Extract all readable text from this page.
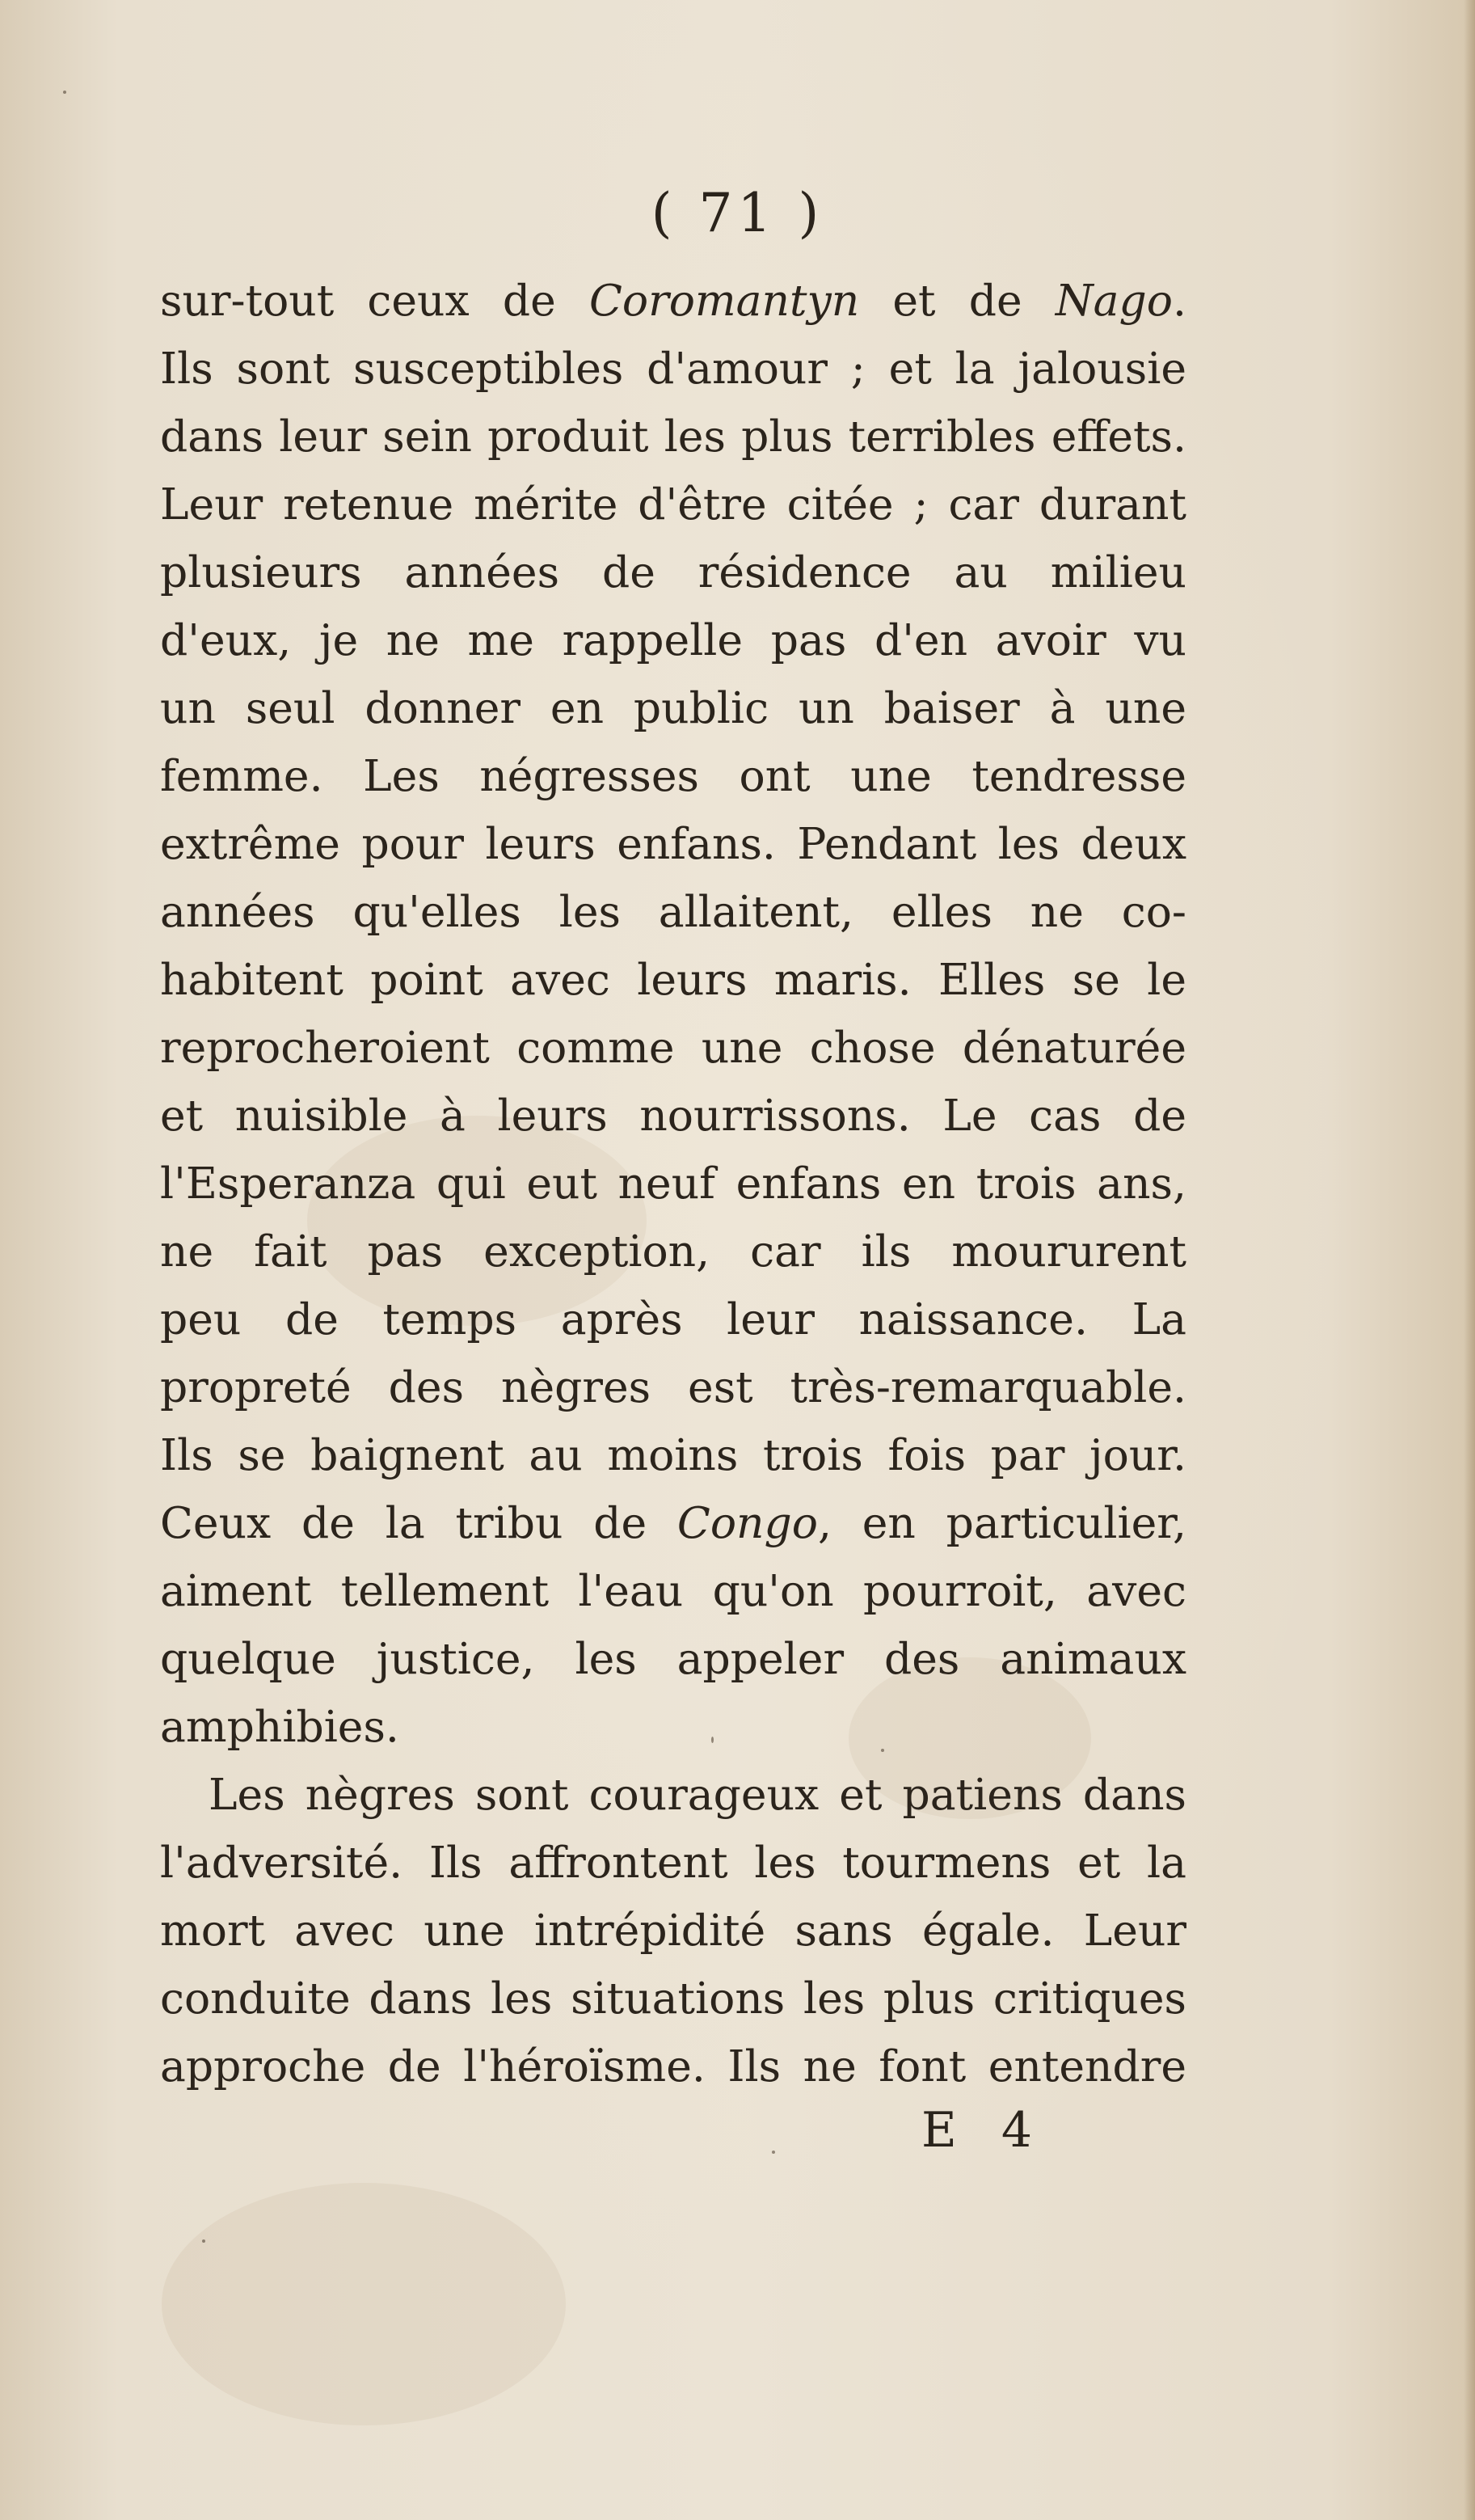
( 71 )
sur-tout ceux de Coromantyn et de Nago.
Ils sont susceptibles d'amour ; et la jalousie
dans leur sein produit les plus terribles effets.
Leur retenue mérite d'être citée ; car durant
plusieurs années de résidence au milieu
d'eux, je ne me rappelle pas d'en avoir vu
un seul donner en public un baiser à une
femme. Les négresses ont une tendresse
extrême pour leurs enfans. Pendant les deux
années qu'elles les allaitent, elles ne co-
habitent point avec leurs maris. Elles se le
reprocheroient comme une chose dénaturée
et nuisible à leurs nourrissons. Le cas de
l'Esperanza qui eut neuf enfans en trois ans,
ne fait pas exception, car ils moururent
peu de temps après leur naissance. La
propreté des nègres est très-remarquable.
Ils se baignent au moins trois fois par jour.
Ceux de la tribu de Congo, en particulier,
aiment tellement l'eau qu'on pourroit, avec
quelque justice, les appeler des animaux
amphibies.
Les nègres sont courageux et patiens dans
l'adversité. Ils affrontent les tourmens et la
mort avec une intrépidité sans égale. Leur
conduite dans les situations les plus critiques
approche de l'héroïsme. Ils ne font entendre
E 4
